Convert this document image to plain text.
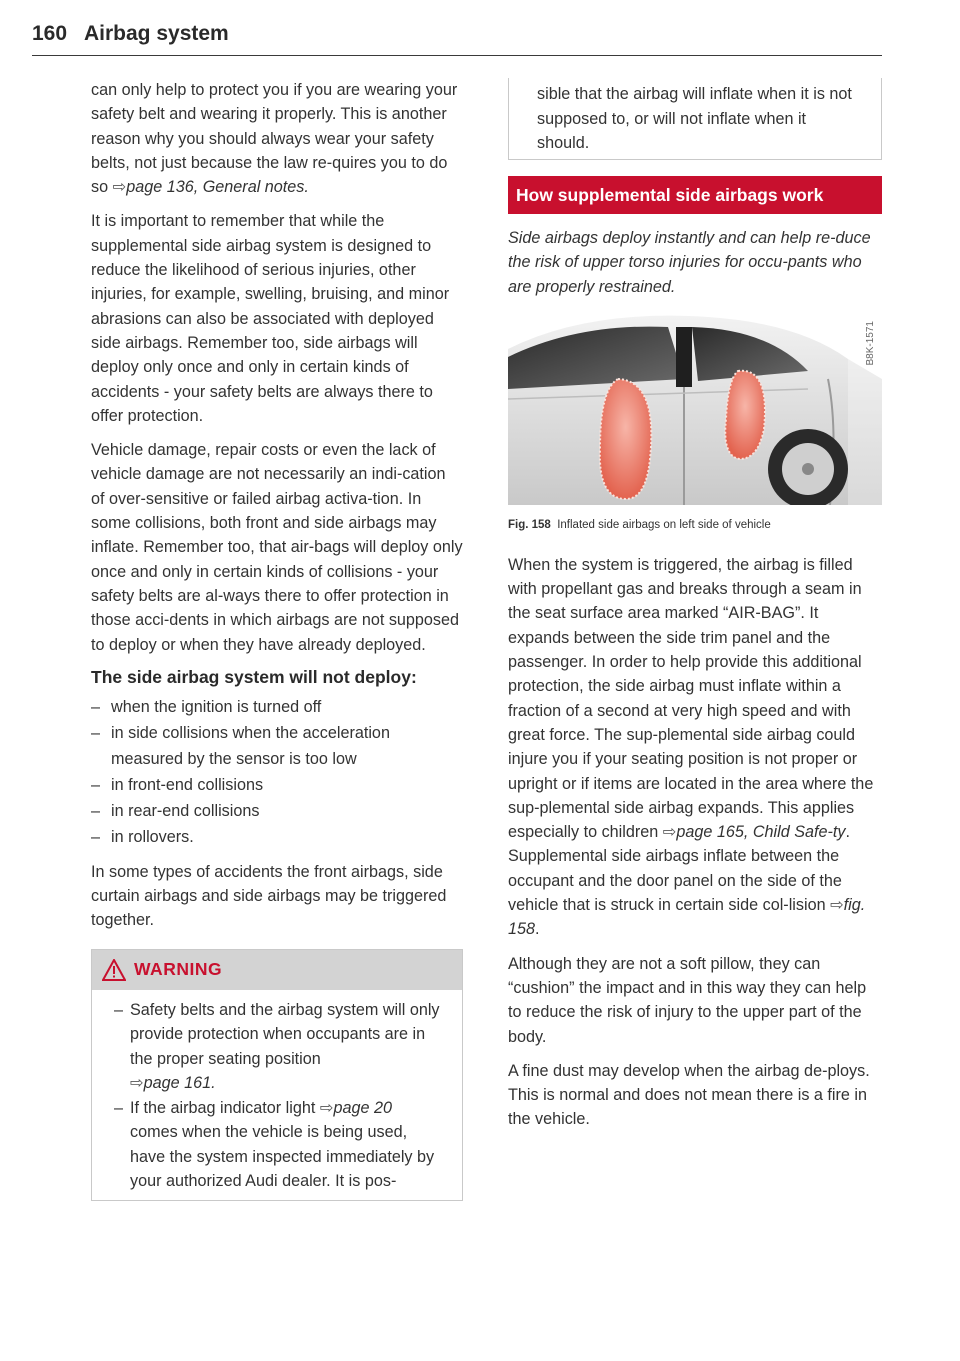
160 Airbag system

can only help to protect you if you are wearing your safety belt and wearing it properly. This is another reason why you should always wear your safety belts, not just because the law re-quires you to do so ⇨page 136, General notes.

It is important to remember that while the supplemental side airbag system is designed to reduce the likelihood of serious injuries, other injuries, for example, swelling, bruising, and minor abrasions can also be associated with deployed side airbags. Remember too, side airbags will deploy only once and only in certain kinds of accidents - your safety belts are always there to offer protection.

Vehicle damage, repair costs or even the lack of vehicle damage are not necessarily an indi-cation of over-sensitive or failed airbag activa-tion. In some collisions, both front and side airbags may inflate. Remember too, that air-bags will deploy only once and only in certain kinds of collisions - your safety belts are al-ways there to offer protection in those acci-dents in which airbags are not supposed to deploy or when they have already deployed.

The side airbag system will not deploy:
– when the ignition is turned off
– in side collisions when the acceleration measured by the sensor is too low
– in front-end collisions
– in rear-end collisions
– in rollovers.

In some types of accidents the front airbags, side curtain airbags and side airbags may be triggered together.

WARNING
– Safety belts and the airbag system will only provide protection when occupants are in the proper seating position
⇨page 161.
– If the airbag indicator light ⇨page 20 comes when the vehicle is being used, have the system inspected immediately by your authorized Audi dealer. It is pos-

sible that the airbag will inflate when it is not supposed to, or will not inflate when it should.

How supplemental side airbags work

Side airbags deploy instantly and can help re-duce the risk of upper torso injuries for occu-pants who are properly restrained.

B8K-1571
Fig. 158 Inflated side airbags on left side of vehicle

When the system is triggered, the airbag is filled with propellant gas and breaks through a seam in the seat surface area marked “AIR-BAG”. It expands between the side trim panel and the passenger. In order to help provide this additional protection, the side airbag must inflate within a fraction of a second at very high speed and with great force. The sup-plemental side airbag could injure you if your seating position is not proper or upright or if items are located in the area where the sup-plemental side airbag expands. This applies especially to children ⇨page 165, Child Safe-ty. Supplemental side airbags inflate between the occupant and the door panel on the side of the vehicle that is struck in certain side col-lision ⇨fig. 158.

Although they are not a soft pillow, they can “cushion” the impact and in this way they can help to reduce the risk of injury to the upper part of the body.

A fine dust may develop when the airbag de-ploys. This is normal and does not mean there is a fire in the vehicle.
